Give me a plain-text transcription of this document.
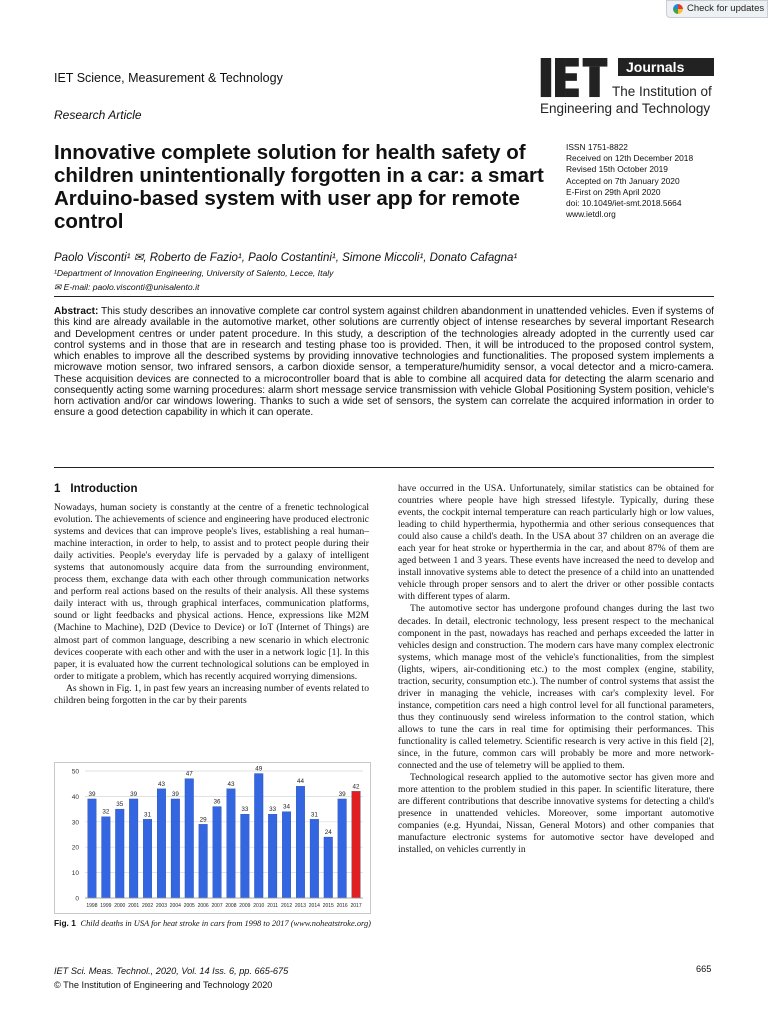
Check for updates
Journals
The Institution of
Engineering and Technology
IET Science, Measurement & Technology
Research Article
Innovative complete solution for health safety of children unintentionally forgotten in a car: a smart Arduino-based system with user app for remote control
ISSN 1751-8822
Received on 12th December 2018
Revised 15th October 2019
Accepted on 7th January 2020
E-First on 29th April 2020
doi: 10.1049/iet-smt.2018.5664
www.ietdl.org
Paolo Visconti¹ ✉, Roberto de Fazio¹, Paolo Costantini¹, Simone Miccoli¹, Donato Cafagna¹
¹Department of Innovation Engineering, University of Salento, Lecce, Italy
✉ E-mail: paolo.visconti@unisalento.it
Abstract: This study describes an innovative complete car control system against children abandonment in unattended vehicles. Even if systems of this kind are already available in the automotive market, other solutions are currently object of intense researches by several important Research and Development centres or under patent procedure. In this study, a description of the technologies already adopted in the currently used car control systems and in those that are in research and testing phase too is provided. Then, it will be introduced to the proposed control system, which enables to improve all the described systems by providing innovative technologies and functionalities. The proposed system implements a microwave motion sensor, two infrared sensors, a carbon dioxide sensor, a temperature/humidity sensor, a vocal detector and a micro-camera. These acquisition devices are connected to a microcontroller board that is able to combine all acquired data for detecting the alarm scenario and consequently acting some warning procedures: alarm short message service transmission with vehicle Global Positioning System position, vehicle's horn activation and/or car windows lowering. Thanks to such a wide set of sensors, the system can correlate the acquired information in order to ensure a good detection capability in which it can operate.
1 Introduction

Nowadays, human society is constantly at the centre of a frenetic technological evolution. The achievements of science and engineering have produced electronic systems and devices that can improve people's lives, establishing a real human–machine interaction, in order to help, to assist and to protect people during their daily activities. People's everyday life is pervaded by a galaxy of intelligent systems that autonomously acquire data from the surrounding environment, process them, exchange data with each other through communication networks and perform real actions based on the results of their analysis. All these systems daily interact with us, through graphical interfaces, communication platforms, sound or light feedbacks and physical actions. Hence, expressions like M2M (Machine to Machine), D2D (Device to Device) or IoT (Internet of Things) are almost part of common language, describing a new scenario in which electronic devices cooperate with each other and with the user in a network logic [1]. In this paper, it is evaluated how the current technological solutions can be employed in order to mitigate a problem, which has recently acquired worrying dimensions.

As shown in Fig. 1, in past few years an increasing number of events related to children being forgotten in the car by their parents

have occurred in the USA. Unfortunately, similar statistics can be obtained for countries where people have high stressed lifestyle. Typically, during these events, the cockpit internal temperature can reach particularly high or low values, leading to child hyperthermia, hypothermia and other serious consequences that could also cause a child's death. In the USA about 37 children on an average die each year for heat stroke or hyperthermia in the car, and about 87% of them are aged between 1 and 3 years. These events have increased the need to develop and install innovative systems able to detect the presence of a child into an unattended vehicle through proper sensors and to alert the driver or other possible contacts with different types of alarm.

The automotive sector has undergone profound changes during the last two decades. In detail, electronic technology, less present respect to the mechanical component in the past, nowadays has reached and perhaps exceeded the latter in vehicles design and construction. The modern cars have many complex electronic systems, which manage most of the vehicle's functionalities, from the simplest (lights, wipers, air-conditioning etc.) to the most complex (engine, stability, traction, security, consumption etc.). The number of control systems that assist the driver in managing the vehicle, increases with car's complexity level. For instance, competition cars need a high control level for all functional parameters, thus they continuously send wireless information to the control station, which allows to tune the cars in real time for optimising their performances. This functionality is called telemetry. Scientific research is very active in this field [2], since, in the future, common cars will probably be more and more network-connected and the use of telemetry will be applied to them.

Technological research applied to the automotive sector has given more and more attention to the problem studied in this paper. In scientific literature, there are different contributions that describe innovative systems for detecting a child's presence in unattended vehicles. Moreover, some important automotive companies (e.g. Hyundai, Nissan, General Motors) and other companies that manufacture electronic systems for automotive sector have developed and installed, on vehicles currently in

0
10
20
30
40
50
39
1998
32
1999
35
2000
39
2001
31
2002
43
2003
39
2004
47
2005
29
2006
36
2007
43
2008
33
2009
49
2010
33
2011
34
2012
44
2013
31
2014
24
2015
39
2016
42
2017
Fig. 1 Child deaths in USA for heat stroke in cars from 1998 to 2017 (www.noheatstroke.org)
IET Sci. Meas. Technol., 2020, Vol. 14 Iss. 6, pp. 665-675
© The Institution of Engineering and Technology 2020
665
